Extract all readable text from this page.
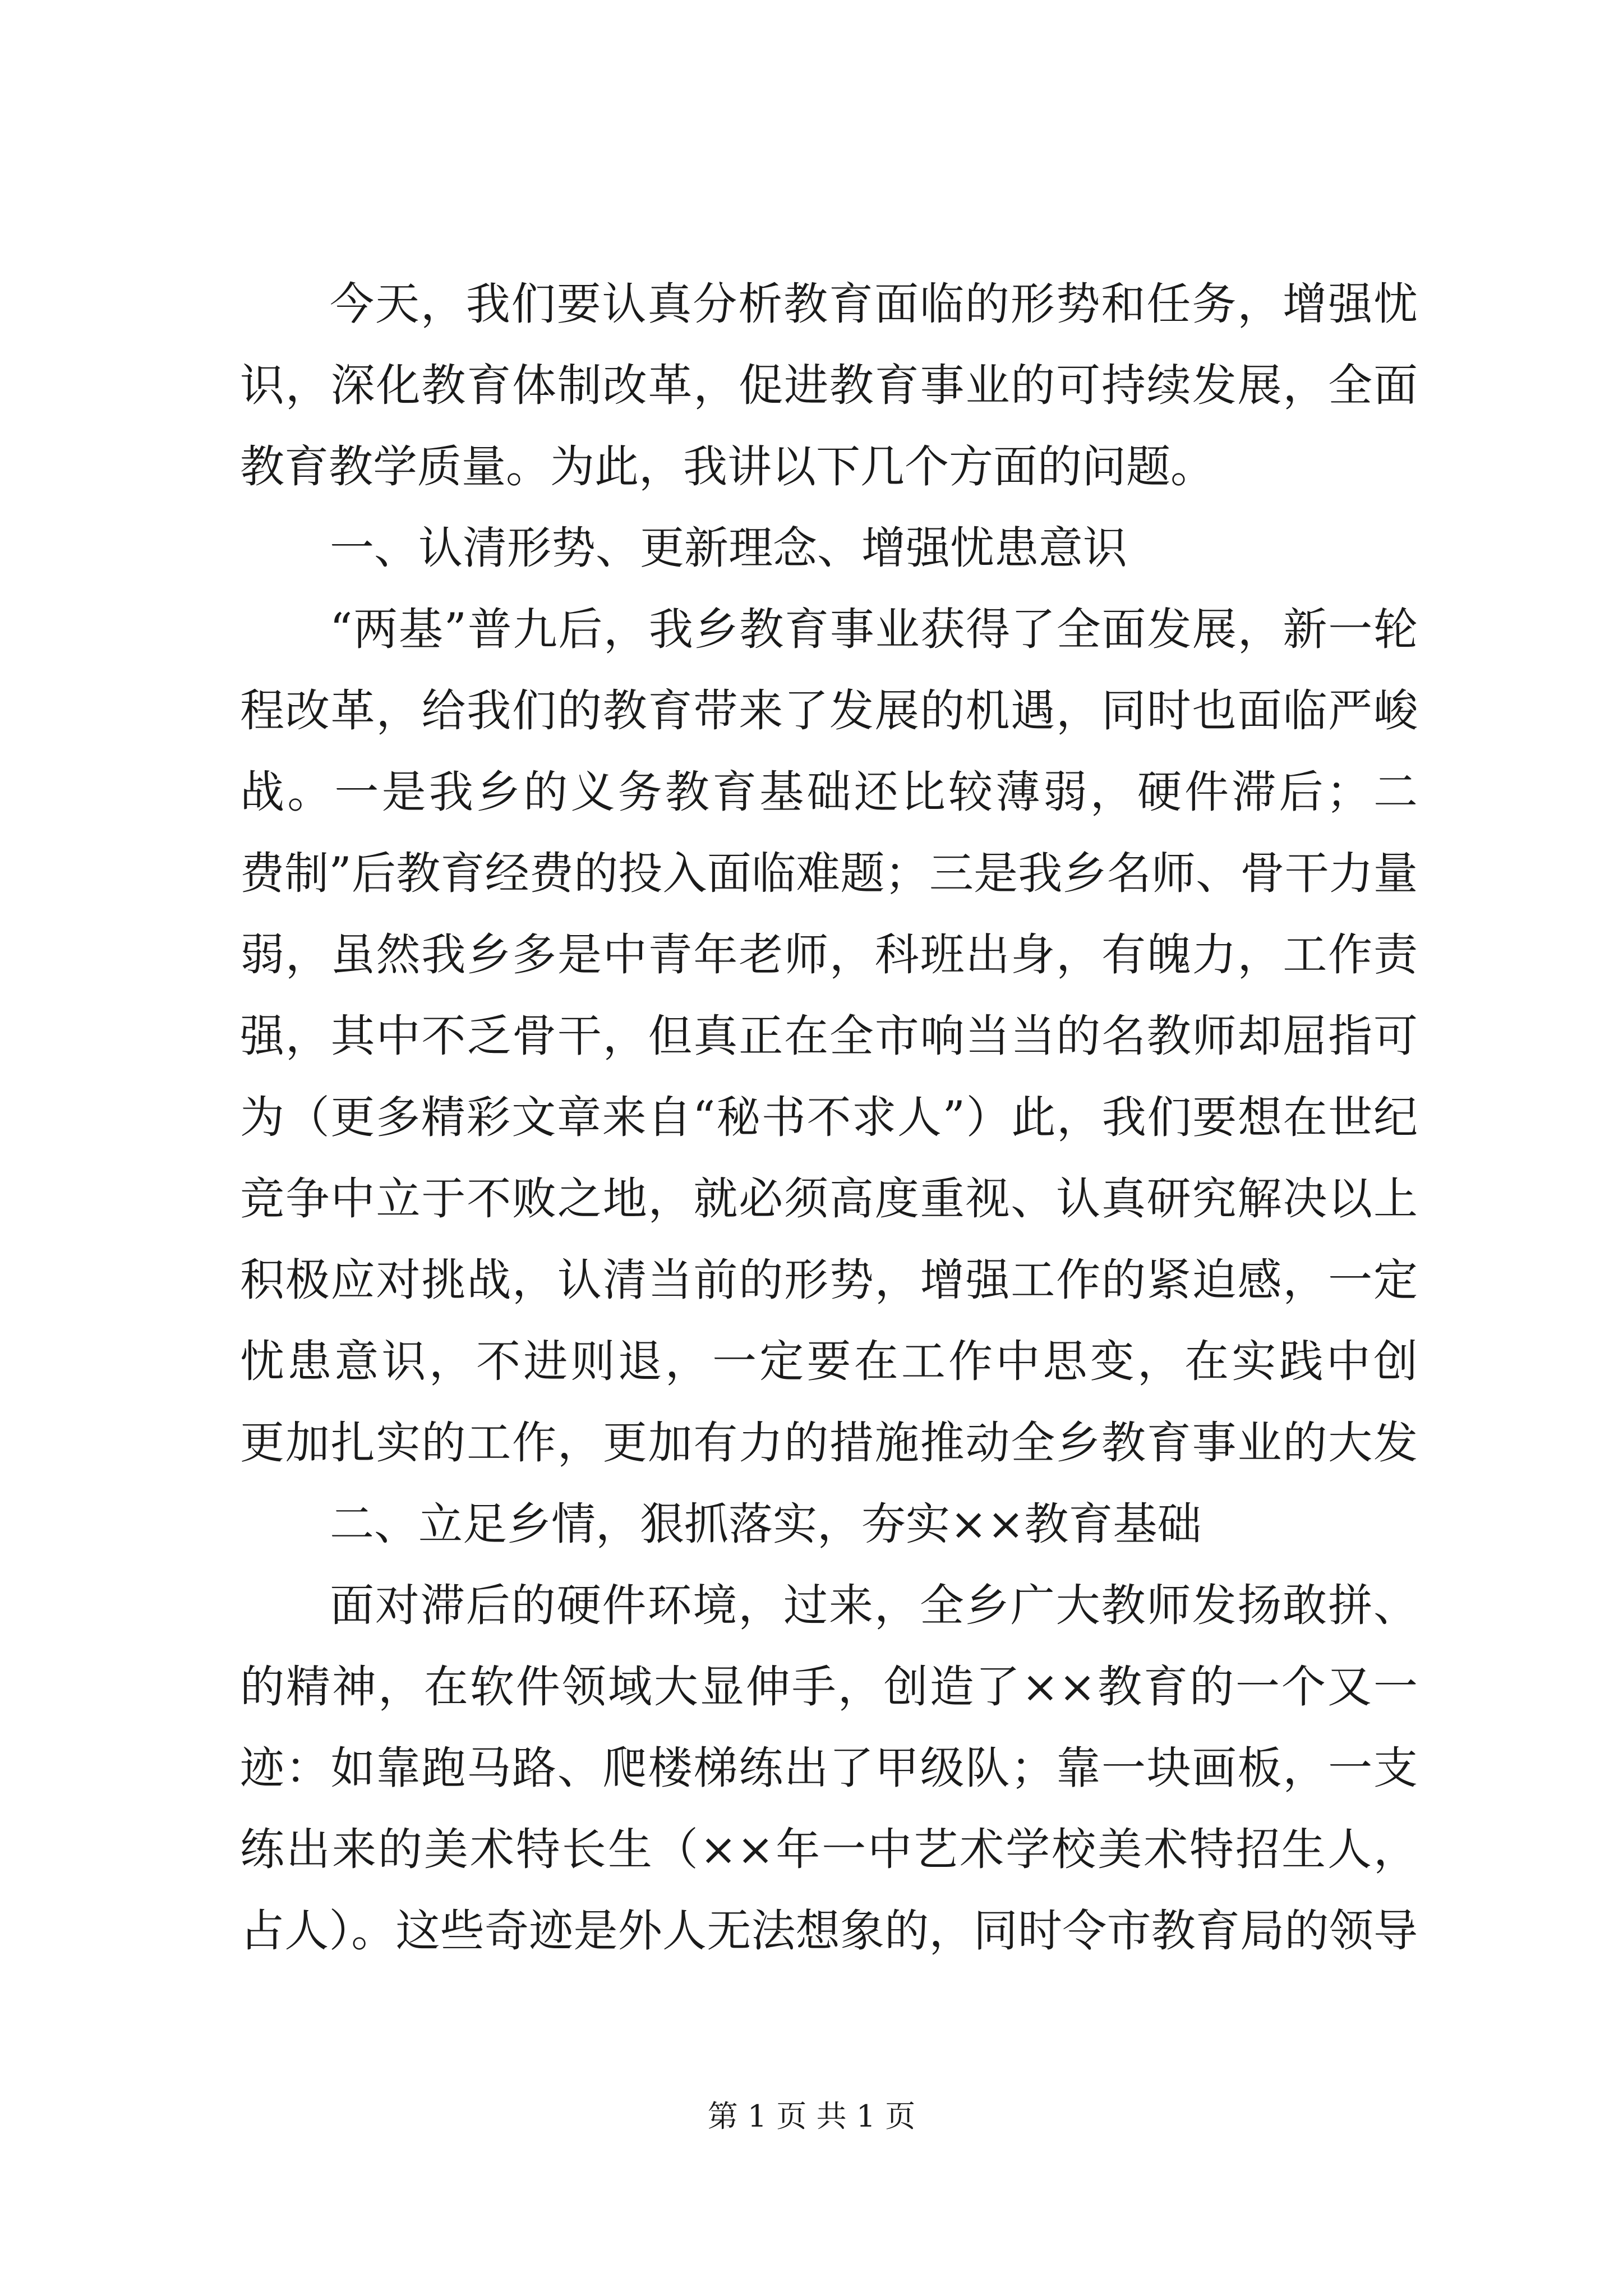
今天，我们要认真分析教育面临的形势和任务，增强忧
识，深化教育体制改革，促进教育事业的可持续发展，全面
教育教学质量。为此，我讲以下几个方面的问题。
一、认清形势、更新理念、增强忧患意识
“两基”普九后，我乡教育事业获得了全面发展，新一轮
程改革，给我们的教育带来了发展的机遇，同时也面临严峻
战。一是我乡的义务教育基础还比较薄弱，硬件滞后；二
费制”后教育经费的投入面临难题；三是我乡名师、骨干力量
弱，虽然我乡多是中青年老师，科班出身，有魄力，工作责
强，其中不乏骨干，但真正在全市响当当的名教师却屈指可
为（更多精彩文章来自“秘书不求人”）此，我们要想在世纪
竞争中立于不败之地，就必须高度重视、认真研究解决以上
积极应对挑战，认清当前的形势，增强工作的紧迫感，一定
忧患意识，不进则退，一定要在工作中思变，在实践中创
更加扎实的工作，更加有力的措施推动全乡教育事业的大发
二、立足乡情，狠抓落实，夯实××教育基础
面对滞后的硬件环境，过来，全乡广大教师发扬敢拼、
的精神，在软件领域大显伸手，创造了××教育的一个又一
迹：如靠跑马路、爬楼梯练出了甲级队；靠一块画板，一支
练出来的美术特长生（××年一中艺术学校美术特招生人，
占人）。这些奇迹是外人无法想象的，同时令市教育局的领导
第 1 页 共 1 页
